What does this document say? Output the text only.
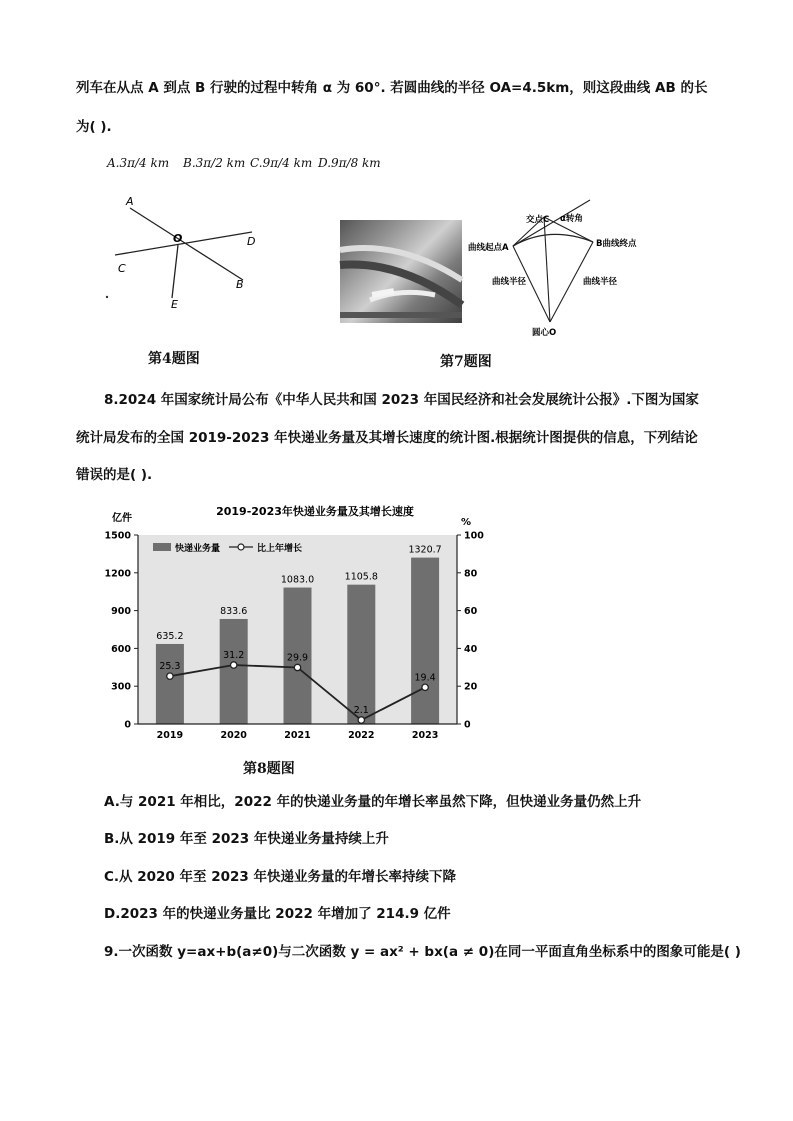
列车在从点 A 到点 B 行驶的过程中转角 α 为 60°. 若圆曲线的半径 OA=4.5km，则这段曲线 AB 的长
为( ).
A.3π/4 km B.3π/2 km C.9π/4 km D.9π/8 km
A
O	D
C
B
E
第4题图
交点C α转角
曲线起点A	B曲线终点
曲线半径	曲线半径
圆心O
第7题图
8.2024 年国家统计局公布《中华人民共和国 2023 年国民经济和社会发展统计公报》.下图为国家
统计局发布的全国 2019-2023 年快递业务量及其增长速度的统计图.根据统计图提供的信息，下列结论
错误的是( ).
2019-2023年快递业务量及其增长速度
亿件	%
635.2
833.6
1083.0	1105.8
1320.7
25.3
31.2	29.9
2.1
19.4
0
300
600
900
1200
1500
0
20
40
60
80
100
2019	2020	2021	2022	2023
快递业务量	比上年增长
第8题图
A.与 2021 年相比，2022 年的快递业务量的年增长率虽然下降，但快递业务量仍然上升
B.从 2019 年至 2023 年快递业务量持续上升
C.从 2020 年至 2023 年快递业务量的年增长率持续下降
D.2023 年的快递业务量比 2022 年增加了 214.9 亿件
9.一次函数 y=ax+b(a≠0)与二次函数 y = ax² + bx(a ≠ 0)在同一平面直角坐标系中的图象可能是( )
